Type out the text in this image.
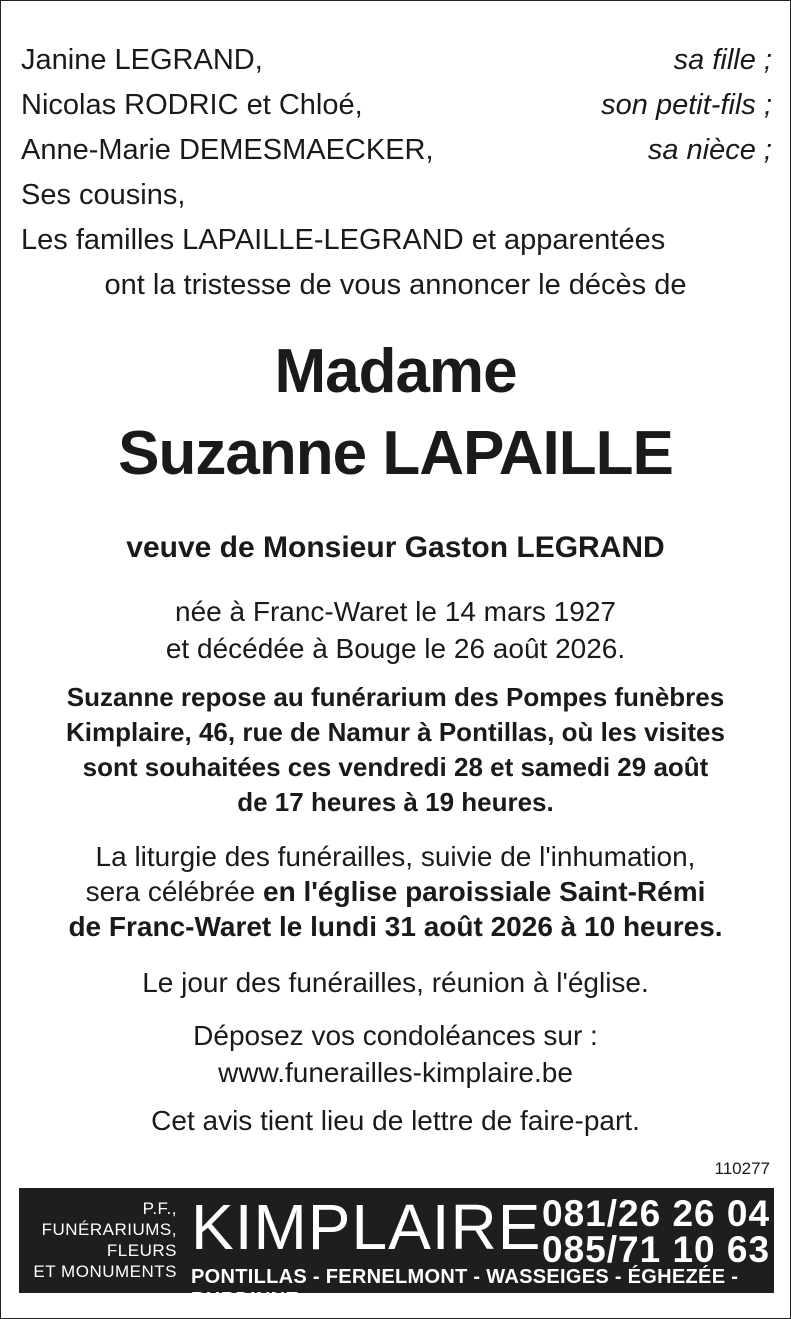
Janine LEGRAND,	sa fille ;
Nicolas RODRIC et Chloé,	son petit-fils ;
Anne-Marie DEMESMAECKER,	sa nièce ;
Ses cousins,
Les familles LAPAILLE-LEGRAND et apparentées
ont la tristesse de vous annoncer le décès de
Madame
Suzanne LAPAILLE
veuve de Monsieur Gaston LEGRAND
née à Franc-Waret le 14 mars 1927
et décédée à Bouge le 26 août 2026.
Suzanne repose au funérarium des Pompes funèbres
Kimplaire, 46, rue de Namur à Pontillas, où les visites
sont souhaitées ces vendredi 28 et samedi 29 août
de 17 heures à 19 heures.
La liturgie des funérailles, suivie de l'inhumation,
sera célébrée en l'église paroissiale Saint-Rémi
de Franc-Waret le lundi 31 août 2026 à 10 heures.
Le jour des funérailles, réunion à l'église.
Déposez vos condoléances sur :
www.funerailles-kimplaire.be
Cet avis tient lieu de lettre de faire-part.
110277
P.F.,
FUNÉRARIUMS,
FLEURS
ET MONUMENTS
KIMPLAIRE 081/26 26 04
085/71 10 63
PONTILLAS - FERNELMONT - WASSEIGES - ÉGHEZÉE - BURDINNE
